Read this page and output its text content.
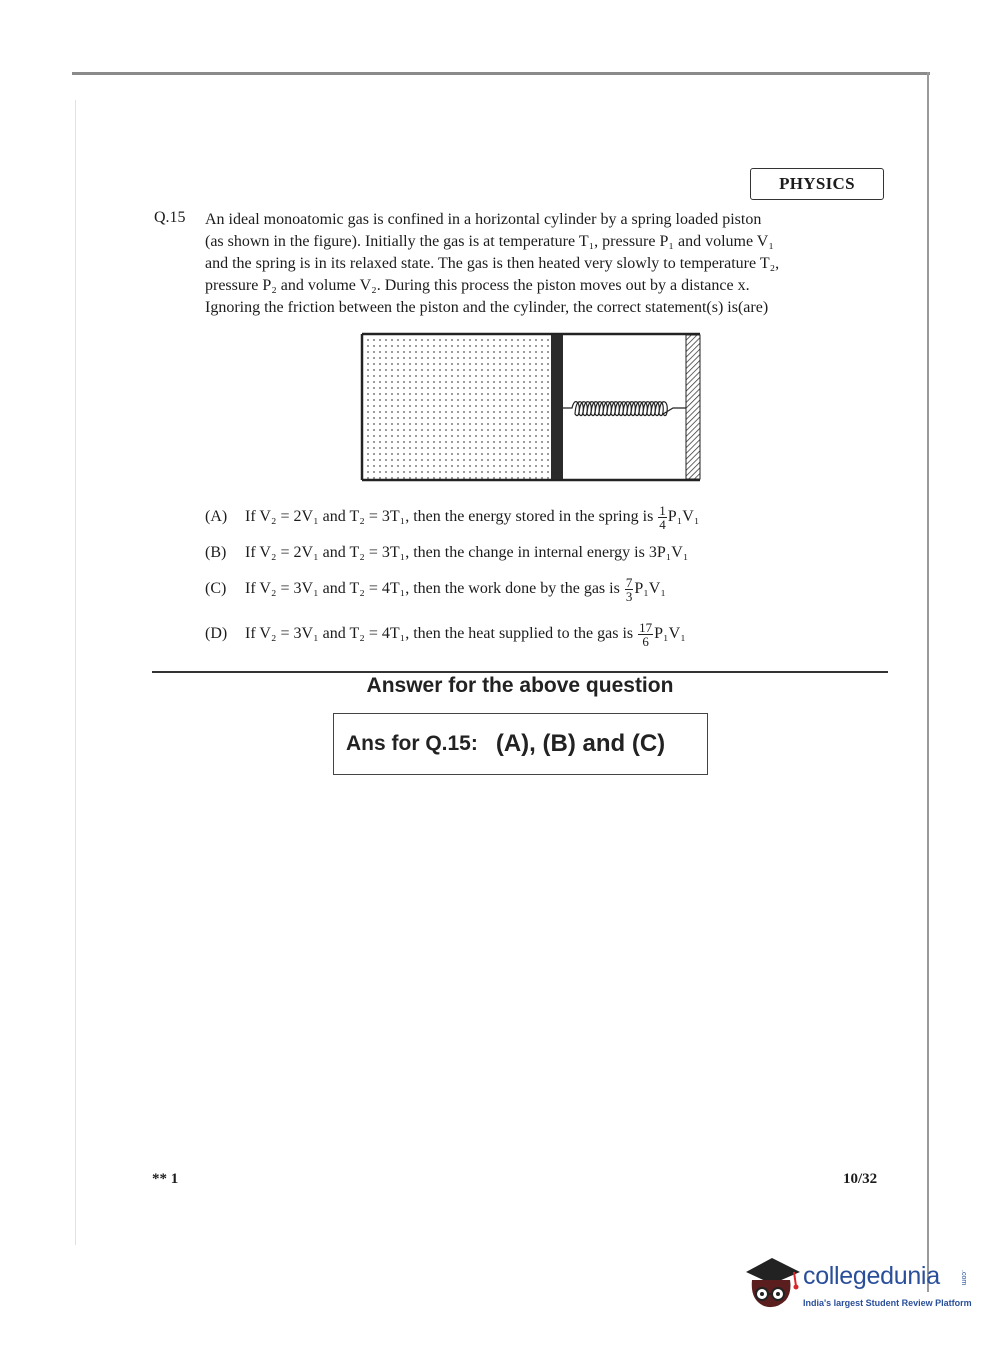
PHYSICS
Q.15 An ideal monoatomic gas is confined in a horizontal cylinder by a spring loaded piston
(as shown in the figure). Initially the gas is at temperature T₁, pressure P₁ and volume V₁
and the spring is in its relaxed state. The gas is then heated very slowly to temperature T₂,
pressure P₂ and volume V₂. During this process the piston moves out by a distance x.
Ignoring the friction between the piston and the cylinder, the correct statement(s) is(are)
(A) If V₂ = 2V₁ and T₂ = 3T₁, then the energy stored in the spring is $\frac{1}{4} P_1V_1$
(B) If V₂ = 2V₁ and T₂ = 3T₁, then the change in internal energy is 3P₁V₁
(C) If V₂ = 3V₁ and T₂ = 4T₁, then the work done by the gas is $\frac{7}{3} P_1V_1$
(D) If V₂ = 3V₁ and T₂ = 4T₁, then the heat supplied to the gas is $\frac{17}{6} P_1V_1$
Answer for the above question
Ans for Q.15: (A), (B) and (C)
** 1	10/32
collegedunia	.com
India's largest Student Review Platform
